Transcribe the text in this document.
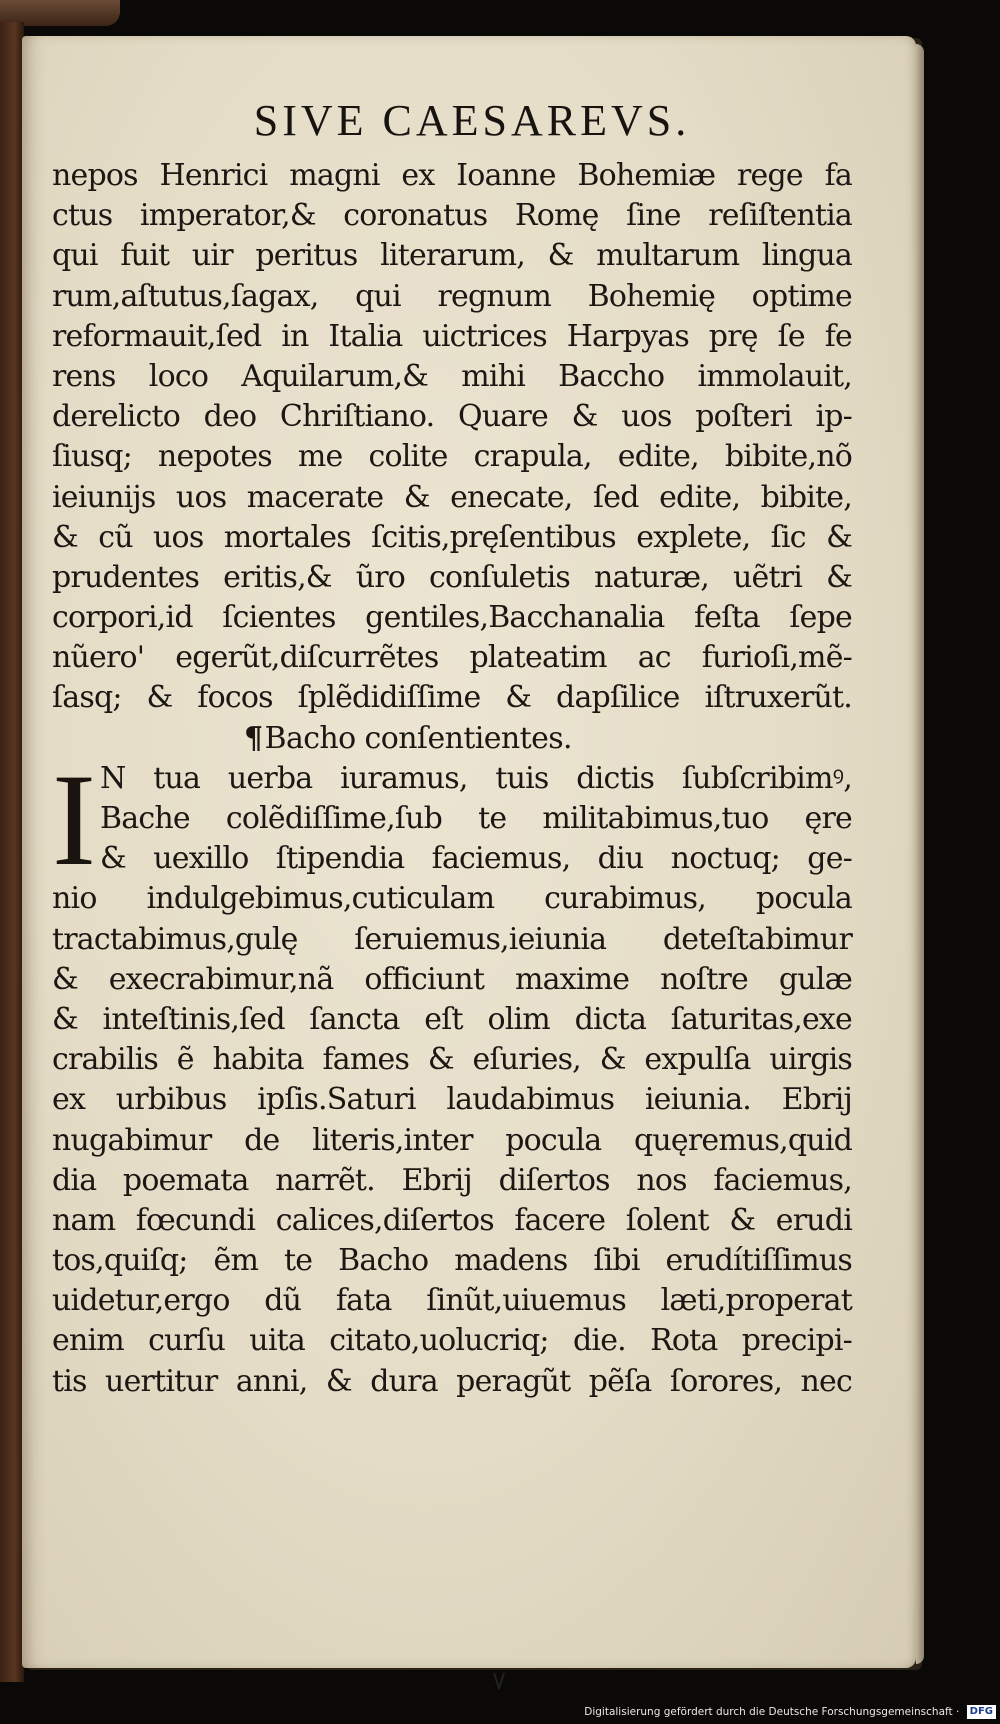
SIVE CAESAREVS.
nepos Henrici magni ex Ioanne Bohemiæ rege fa
ctus imperator,& coronatus Romę ſine reſiſtentia
qui fuit uir peritus literarum, & multarum lingua
rum,aſtutus,ſagax, qui regnum Bohemię optime
reformauit,ſed in Italia uictrices Harpyas prę ſe fe
rens loco Aquilarum,& mihi Baccho immolauit,
derelicto deo Chriſtiano. Quare & uos poſteri ip-
ſiusq; nepotes me colite crapula, edite, bibite,nõ
ieiunijs uos macerate & enecate, ſed edite, bibite,
& cũ uos mortales ſcitis,pręſentibus explete, ſic &
prudentes eritis,& ũro conſuletis naturæ, uẽtri &
corpori,id ſcientes gentiles,Bacchanalia feſta ſepe
nũero' egerũt,diſcurrẽtes plateatim ac furioſi,mẽ-
ſasq; & focos ſplẽdidiſſime & dapſilice iſtruxerũt.
¶Bacho conſentientes.
I N tua uerba iuramus, tuis dictis ſubſcribimꝰ,
Bache colẽdiſſime,ſub te militabimus,tuo ęre
& uexillo ſtipendia faciemus, diu noctuq; ge-
nio indulgebimus,cuticulam curabimus, pocula
tractabimus,gulę ſeruiemus,ieiunia deteſtabimur
& execrabimur,nã officiunt maxime noſtre gulæ
& inteſtinis,ſed ſancta eſt olim dicta ſaturitas,exe
crabilis ẽ habita fames & eſuries, & expulſa uirgis
ex urbibus ipſis.Saturi laudabimus ieiunia. Ebrij
nugabimur de literis,inter pocula quęremus,quid
dia poemata narrẽt. Ebrij diſertos nos faciemus,
nam fœcundi calices,diſertos facere ſolent & erudi
tos,quiſq; ẽm te Bacho madens ſibi erudítiſſimus
uidetur,ergo dũ fata ſinũt,uiuemus læti,properat
enim curſu uita citato,uolucriq; die. Rota precipi-
tis uertitur anni, & dura peragũt pẽſa ſorores, nec
Digitalisierung gefördert durch die Deutsche Forschungsgemeinschaft · DFG
